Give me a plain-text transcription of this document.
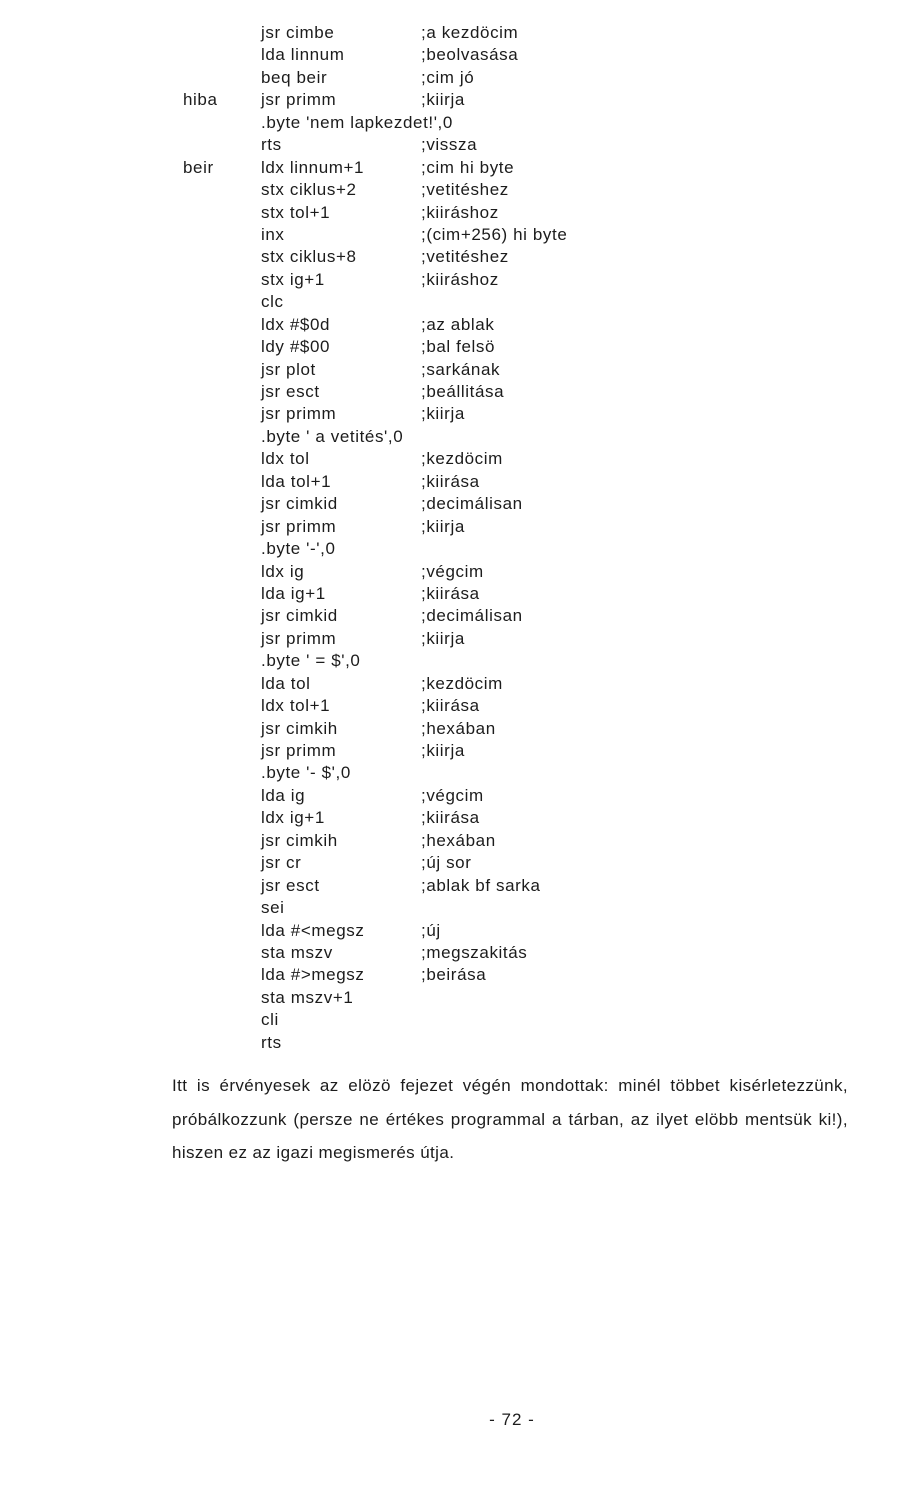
jsr cimbe	;a kezdöcim
lda linnum	;beolvasása
beq beir	;cim jó
hiba	jsr primm	;kiirja
.byte 'nem lapkezdet!',0
rts	;vissza
beir	ldx linnum+1	;cim hi byte
stx ciklus+2	;vetitéshez
stx tol+1	;kiiráshoz
inx	;(cim+256) hi byte
stx ciklus+8	;vetitéshez
stx ig+1	;kiiráshoz
clc
ldx #$0d	;az ablak
ldy #$00	;bal felsö
jsr plot	;sarkának
jsr esct	;beállitása
jsr primm	;kiirja
.byte ' a vetités',0
ldx tol	;kezdöcim
lda tol+1	;kiirása
jsr cimkid	;decimálisan
jsr primm	;kiirja
.byte '-',0
ldx ig	;végcim
lda ig+1	;kiirása
jsr cimkid	;decimálisan
jsr primm	;kiirja
.byte ' = $',0
lda tol	;kezdöcim
ldx tol+1	;kiirása
jsr cimkih	;hexában
jsr primm	;kiirja
.byte '- $',0
lda ig	;végcim
ldx ig+1	;kiirása
jsr cimkih	;hexában
jsr cr	;új sor
jsr esct	;ablak bf sarka
sei
lda #<megsz	;új
sta mszv	;megszakitás
lda #>megsz	;beirása
sta mszv+1
cli
rts

Itt is érvényesek az elözö fejezet végén mondottak: minél többet kisérletezzünk, próbálkozzunk (persze ne értékes programmal a tárban, az ilyet elöbb mentsük ki!), hiszen ez az igazi megismerés útja.

- 72 -
